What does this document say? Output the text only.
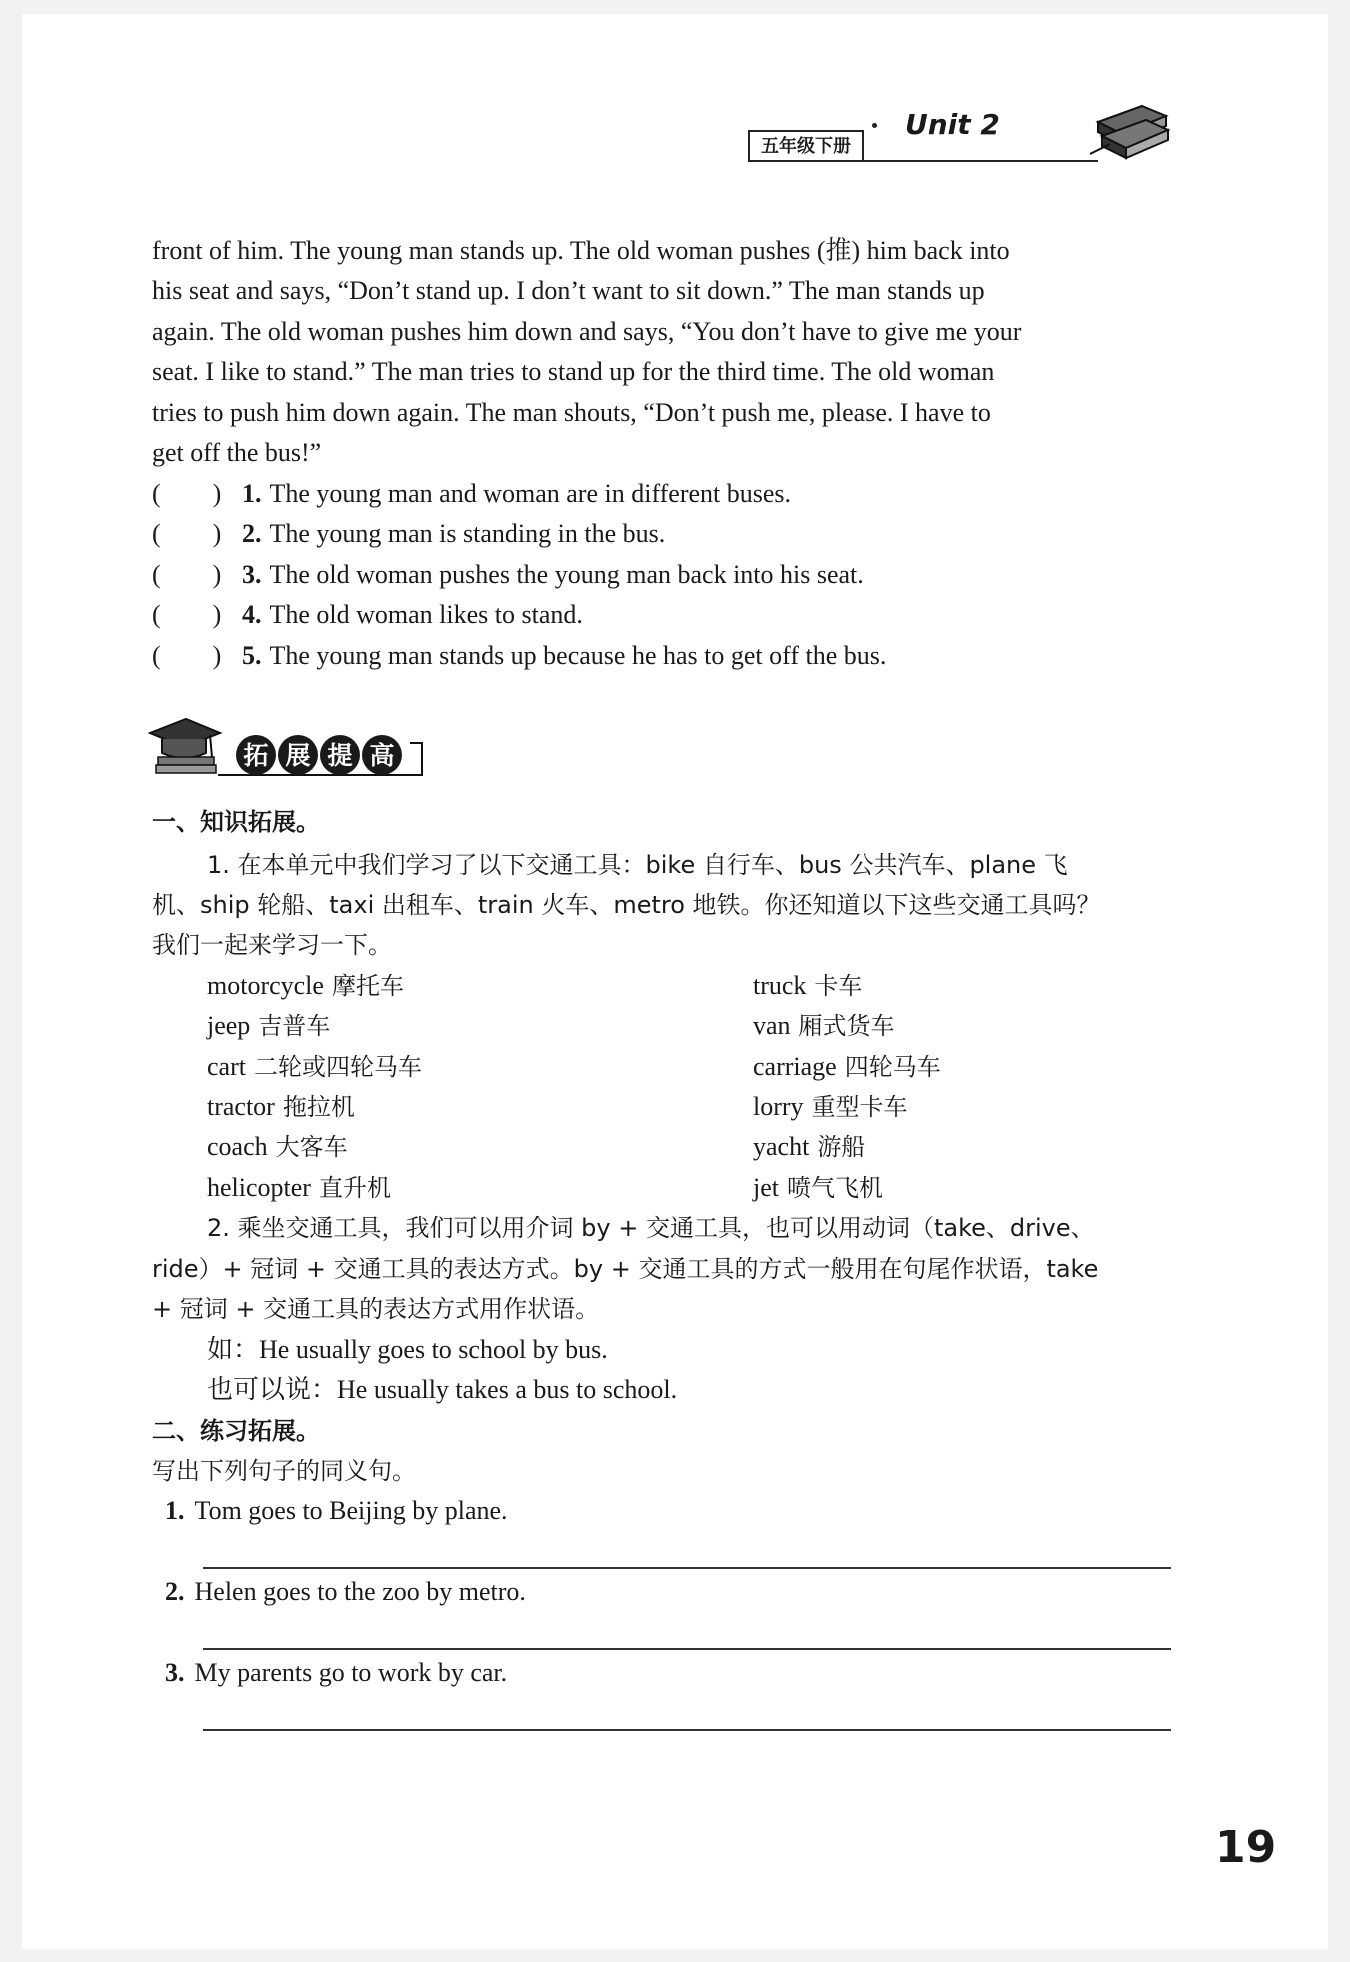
五年级下册
Unit 2
front of him. The young man stands up. The old woman pushes (推) him back into
his seat and says, “Don’t stand up. I don’t want to sit down.” The man stands up
again. The old woman pushes him down and says, “You don’t have to give me your
seat. I like to stand.” The man tries to stand up for the third time. The old woman
tries to push him down again. The man shouts, “Don’t push me, please. I have to
get off the bus!”
(　　) 1. The young man and woman are in different buses.
(　　) 2. The young man is standing in the bus.
(　　) 3. The old woman pushes the young man back into his seat.
(　　) 4. The old woman likes to stand.
(　　) 5. The young man stands up because he has to get off the bus.
拓 展 提 高
一、知识拓展。
1. 在本单元中我们学习了以下交通工具：bike 自行车、bus 公共汽车、plane 飞
机、ship 轮船、taxi 出租车、train 火车、metro 地铁。你还知道以下这些交通工具吗？
我们一起来学习一下。
motorcycle 摩托车
jeep 吉普车
cart 二轮或四轮马车
tractor 拖拉机
coach 大客车
helicopter 直升机
truck 卡车
van 厢式货车
carriage 四轮马车
lorry 重型卡车
yacht 游船
jet 喷气飞机
2. 乘坐交通工具，我们可以用介词 by + 交通工具，也可以用动词（take、drive、
ride）+ 冠词 + 交通工具的表达方式。by + 交通工具的方式一般用在句尾作状语，take
+ 冠词 + 交通工具的表达方式用作状语。
如：He usually goes to school by bus.
也可以说：He usually takes a bus to school.
二、练习拓展。
写出下列句子的同义句。
1. Tom goes to Beijing by plane.
2. Helen goes to the zoo by metro.
3. My parents go to work by car.
19
